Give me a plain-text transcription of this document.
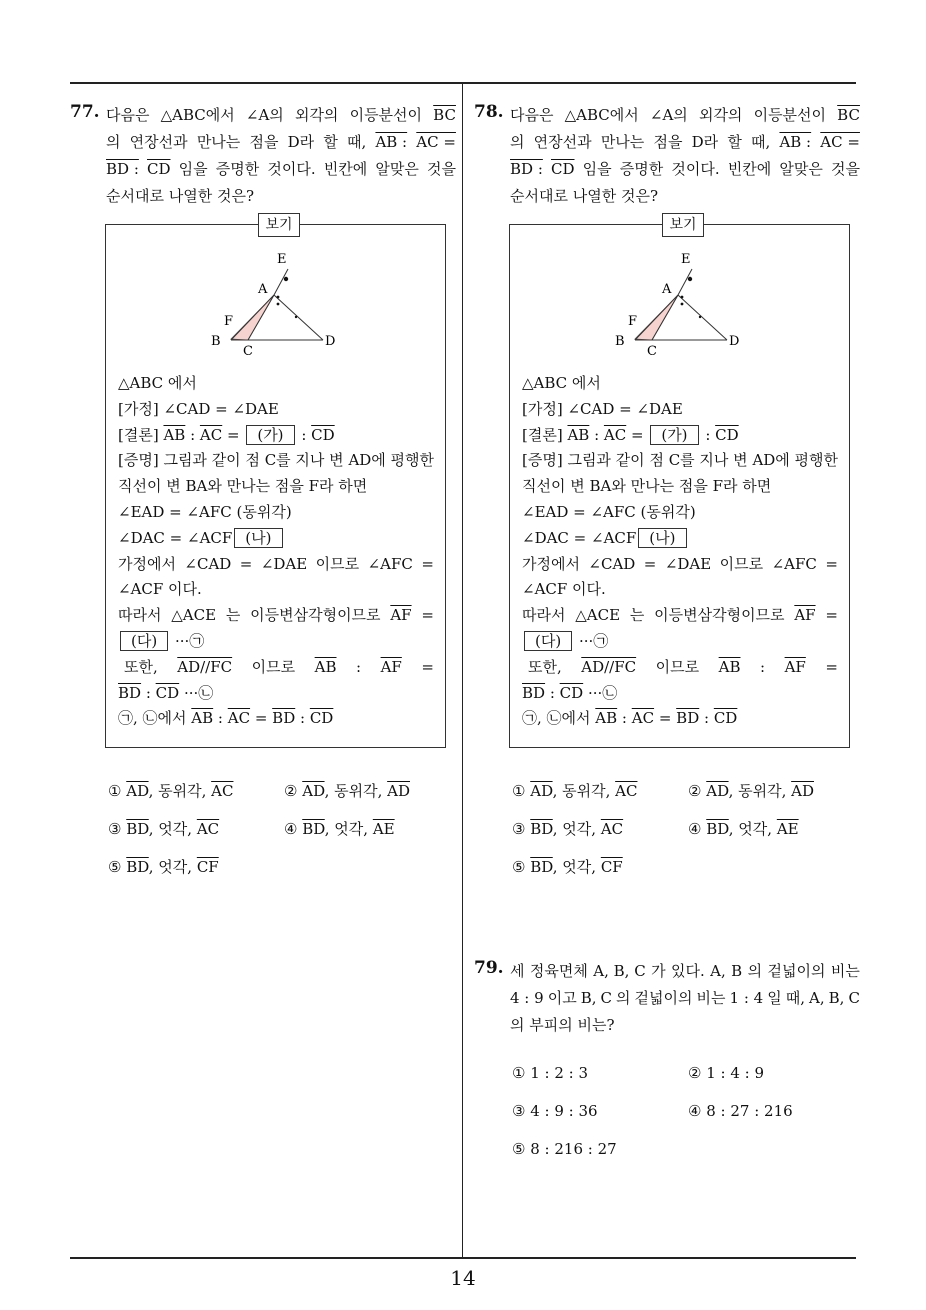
14
77. 다음은 △ABC에서 ∠A의 외각의 이등분선이 $\overline{BC}$
의 연장선과 만나는 점을 D라 할 때, AB : AC =
BD : $\overline{CD}$ 임을 증명한 것이다. 빈칸에 알맞은 것을
순서대로 나열한 것은?
보기
E
A
F
B
C
D
△ABC 에서
[가정] ∠CAD = ∠DAE
[결론] $\overline{AB}$ : $\overline{AC}$ = (가) : $\overline{CD}$
[증명] 그림과 같이 점 C를 지나 변 AD에 평행한
직선이 변 BA와 만나는 점을 F라 하면
∠EAD = ∠AFC (동위각)
∠DAC = ∠ACF (나)
가정에서 ∠CAD = ∠DAE 이므로 ∠AFC =
∠ACF 이다.
따라서 △ACE 는 이등변삼각형이므로 $\overline{AF}$ =
(다) ···㉠
또한, AD//FC 이므로 $\overline{AB}$ : $\overline{AF}$ =
$\overline{BD}$ : $\overline{CD}$ ···㉡
㉠, ㉡에서 $\overline{AB}$ : $\overline{AC} = \overline{BD}$ : $\overline{CD}$
① $\overline{AD}$, 동위각, $\overline{AC}$	② $\overline{AD}$, 동위각, $\overline{AD}$
③ $\overline{BD}$, 엇각, $\overline{AC}$	④ $\overline{BD}$, 엇각, $\overline{AE}$
⑤ $\overline{BD}$, 엇각, $\overline{CF}$
78. 다음은 △ABC에서 ∠A의 외각의 이등분선이 $\overline{BC}$
의 연장선과 만나는 점을 D라 할 때, AB : AC =
BD : $\overline{CD}$ 임을 증명한 것이다. 빈칸에 알맞은 것을
순서대로 나열한 것은?
보기
E
A
F
B
C
D
△ABC 에서
[가정] ∠CAD = ∠DAE
[결론] $\overline{AB}$ : $\overline{AC}$ = (가) : $\overline{CD}$
[증명] 그림과 같이 점 C를 지나 변 AD에 평행한
직선이 변 BA와 만나는 점을 F라 하면
∠EAD = ∠AFC (동위각)
∠DAC = ∠ACF (나)
가정에서 ∠CAD = ∠DAE 이므로 ∠AFC =
∠ACF 이다.
따라서 △ACE 는 이등변삼각형이므로 $\overline{AF}$ =
(다) ···㉠
또한, AD//FC 이므로 $\overline{AB}$ : $\overline{AF}$ =
$\overline{BD}$ : $\overline{CD}$ ···㉡
㉠, ㉡에서 $\overline{AB}$ : $\overline{AC} = \overline{BD}$ : $\overline{CD}$
① $\overline{AD}$, 동위각, $\overline{AC}$	② $\overline{AD}$, 동위각, $\overline{AD}$
③ $\overline{BD}$, 엇각, $\overline{AC}$	④ $\overline{BD}$, 엇각, $\overline{AE}$
⑤ $\overline{BD}$, 엇각, $\overline{CF}$
79. 세 정육면체 A, B, C 가 있다. A, B 의 겉넓이의 비는
4 : 9 이고 B, C 의 겉넓이의 비는 1 : 4 일 때, A, B, C
의 부피의 비는?
① 1 : 2 : 3	② 1 : 4 : 9
③ 4 : 9 : 36	④ 8 : 27 : 216
⑤ 8 : 216 : 27
